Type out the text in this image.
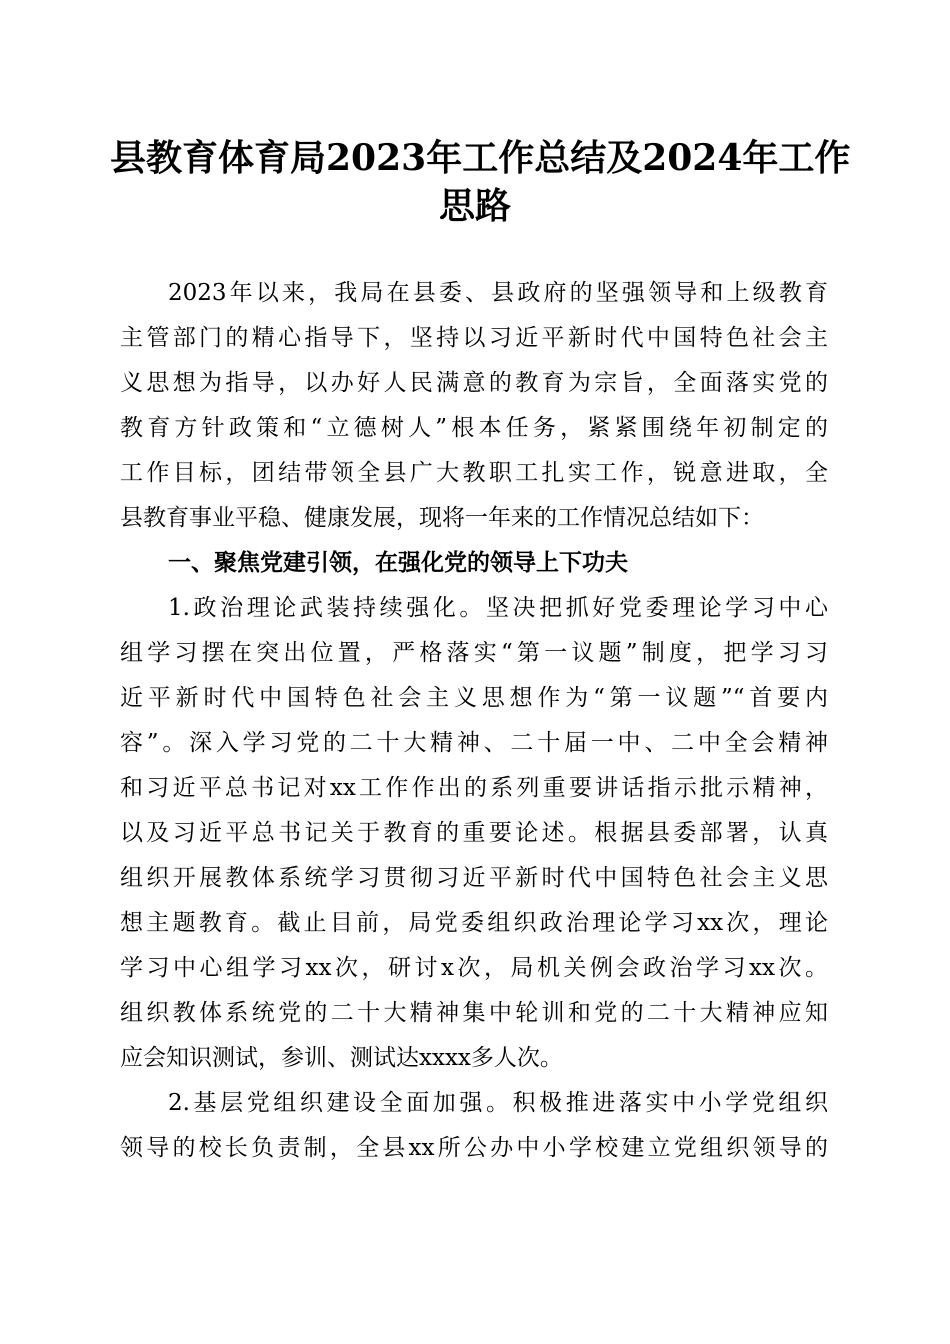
县教育体育局2023年工作总结及2024年工作
思路
2023年以来，我局在县委、县政府的坚强领导和上级教育
主管部门的精心指导下，坚持以习近平新时代中国特色社会主
义思想为指导，以办好人民满意的教育为宗旨，全面落实党的
教育方针政策和“立德树人”根本任务，紧紧围绕年初制定的
工作目标，团结带领全县广大教职工扎实工作，锐意进取，全
县教育事业平稳、健康发展，现将一年来的工作情况总结如下：
一、聚焦党建引领，在强化党的领导上下功夫
1.政治理论武装持续强化。坚决把抓好党委理论学习中心
组学习摆在突出位置，严格落实“第一议题”制度，把学习习
近平新时代中国特色社会主义思想作为“第一议题”“首要内
容”。深入学习党的二十大精神、二十届一中、二中全会精神
和习近平总书记对xx工作作出的系列重要讲话指示批示精神，
以及习近平总书记关于教育的重要论述。根据县委部署，认真
组织开展教体系统学习贯彻习近平新时代中国特色社会主义思
想主题教育。截止目前，局党委组织政治理论学习xx次，理论
学习中心组学习xx次，研讨x次，局机关例会政治学习xx次。
组织教体系统党的二十大精神集中轮训和党的二十大精神应知
应会知识测试，参训、测试达xxxx多人次。
2.基层党组织建设全面加强。积极推进落实中小学党组织
领导的校长负责制，全县xx所公办中小学校建立党组织领导的
